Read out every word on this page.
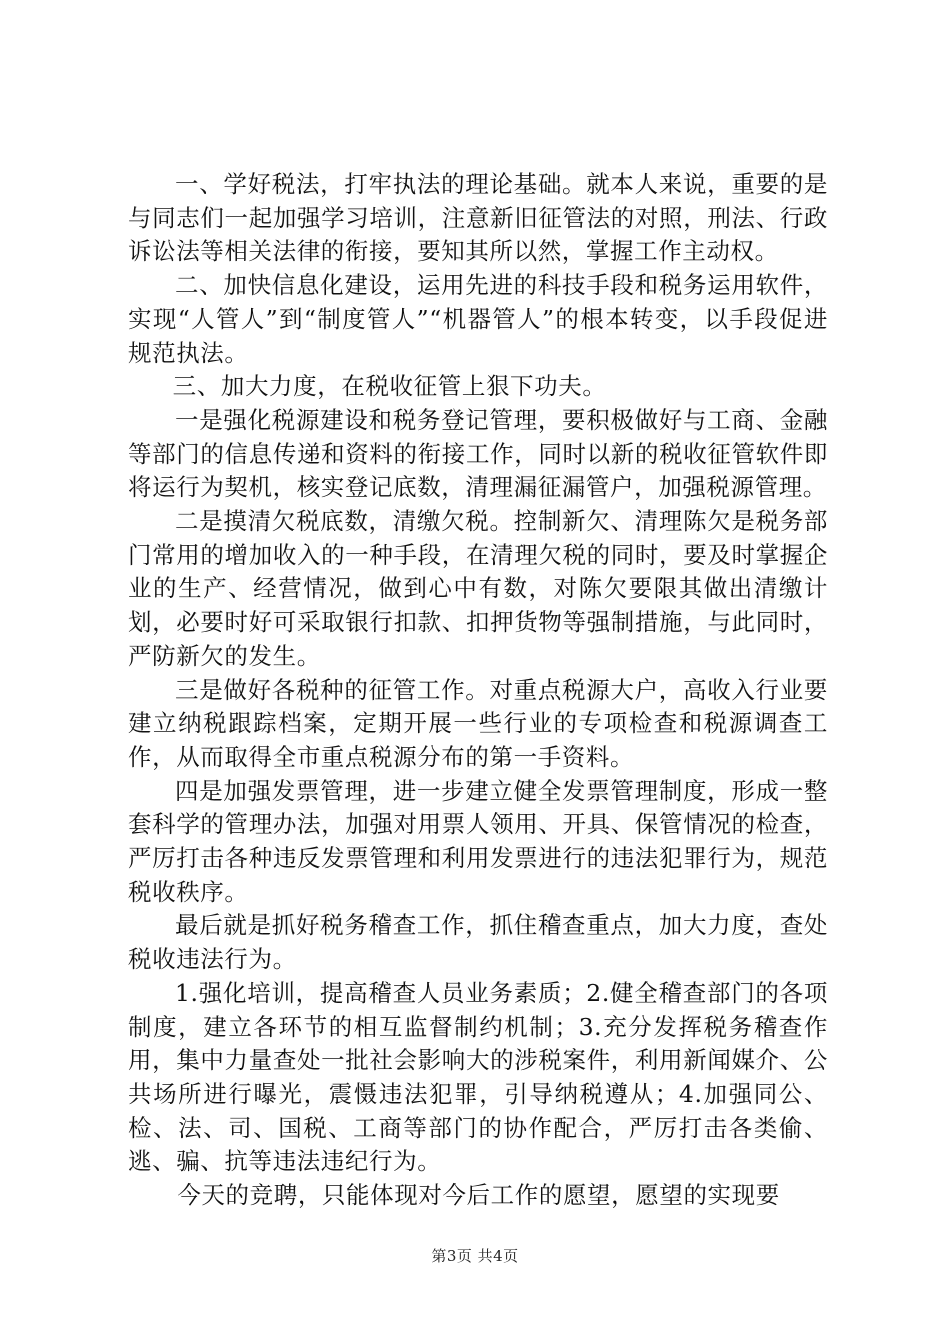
一、学好税法，打牢执法的理论基础。就本人来说，重要的是与同志们一起加强学习培训，注意新旧征管法的对照，刑法、行政诉讼法等相关法律的衔接，要知其所以然，掌握工作主动权。

二、加快信息化建设，运用先进的科技手段和税务运用软件，实现“人管人”到“制度管人”“机器管人”的根本转变，以手段促进规范执法。

三、加大力度，在税收征管上狠下功夫。

一是强化税源建设和税务登记管理，要积极做好与工商、金融等部门的信息传递和资料的衔接工作，同时以新的税收征管软件即将运行为契机，核实登记底数，清理漏征漏管户，加强税源管理。

二是摸清欠税底数，清缴欠税。控制新欠、清理陈欠是税务部门常用的增加收入的一种手段，在清理欠税的同时，要及时掌握企业的生产、经营情况，做到心中有数，对陈欠要限其做出清缴计划，必要时好可采取银行扣款、扣押货物等强制措施，与此同时，严防新欠的发生。

三是做好各税种的征管工作。对重点税源大户，高收入行业要建立纳税跟踪档案，定期开展一些行业的专项检查和税源调查工作，从而取得全市重点税源分布的第一手资料。

四是加强发票管理，进一步建立健全发票管理制度，形成一整套科学的管理办法，加强对用票人领用、开具、保管情况的检查，严厉打击各种违反发票管理和利用发票进行的违法犯罪行为，规范税收秩序。

最后就是抓好税务稽查工作，抓住稽查重点，加大力度，查处税收违法行为。

1.强化培训，提高稽查人员业务素质；2.健全稽查部门的各项制度，建立各环节的相互监督制约机制；3.充分发挥税务稽查作用，集中力量查处一批社会影响大的涉税案件，利用新闻媒介、公共场所进行曝光，震慑违法犯罪，引导纳税遵从；4.加强同公、检、法、司、国税、工商等部门的协作配合，严厉打击各类偷、逃、骗、抗等违法违纪行为。

今天的竞聘，只能体现对今后工作的愿望，愿望的实现要

第3页 共4页
